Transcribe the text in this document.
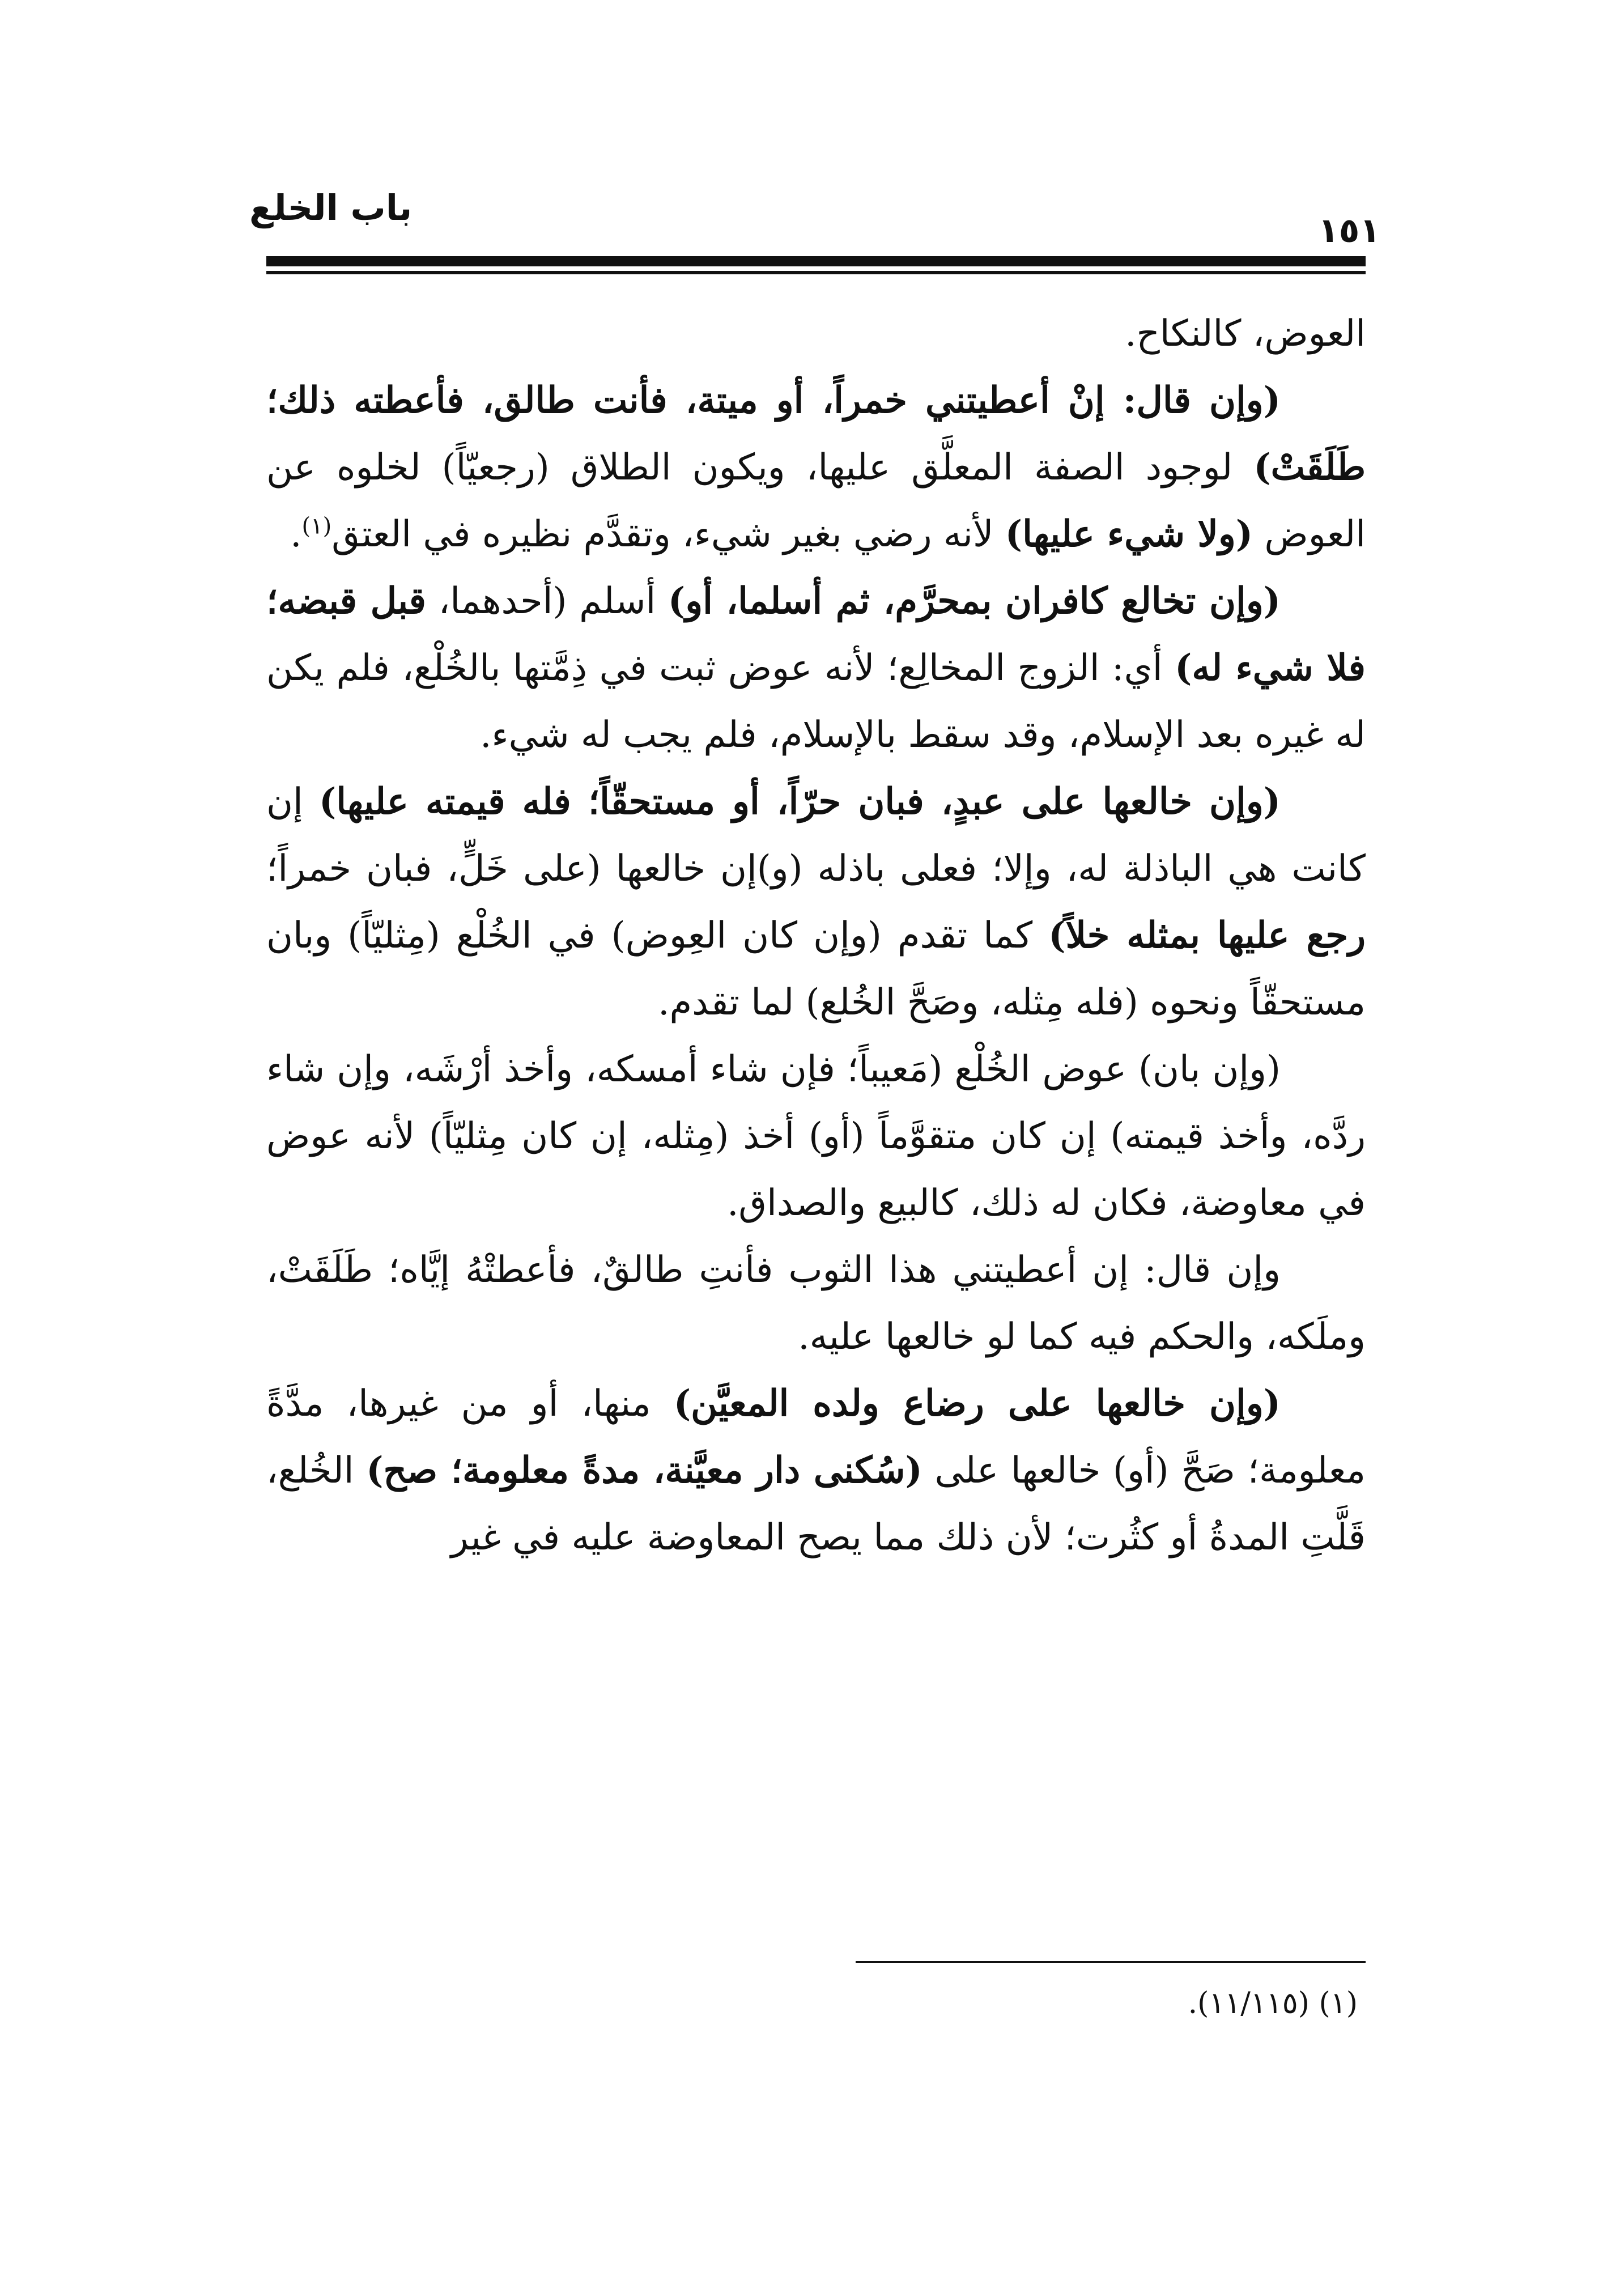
باب الخلع
١٥١

العوض، كالنكاح.

(وإن قال: إنْ أعطيتني خمراً، أو ميتة، فأنت طالق، فأعطته ذلك؛ طَلَقَتْ) لوجود الصفة المعلَّق عليها، ويكون الطلاق (رجعيّاً) لخلوه عن العوض (ولا شيء عليها) لأنه رضي بغير شيء، وتقدَّم نظيره في العتق$^{(١)}$.

(وإن تخالع كافران بمحرَّم، ثم أسلما، أو) أسلم (أحدهما، قبل قبضه؛ فلا شيء له) أي: الزوج المخالِع؛ لأنه عوض ثبت في ذِمَّتها بالخُلْع، فلم يكن له غيره بعد الإسلام، وقد سقط بالإسلام، فلم يجب له شيء.

(وإن خالعها على عبدٍ، فبان حرّاً، أو مستحقّاً؛ فله قيمته عليها) إن كانت هي الباذلة له، وإلا؛ فعلى باذله (و)إن خالعها (على خَلٍّ، فبان خمراً؛ رجع عليها بمثله خلاً) كما تقدم (وإن كان العِوض) في الخُلْع (مِثليّاً) وبان مستحقّاً ونحوه (فله مِثله، وصَحَّ الخُلع) لما تقدم.

(وإن بان) عوض الخُلْع (مَعيباً؛ فإن شاء أمسكه، وأخذ أرْشَه، وإن شاء ردَّه، وأخذ قيمته) إن كان متقوَّماً (أو) أخذ (مِثله، إن كان مِثليّاً) لأنه عوض في معاوضة، فكان له ذلك، كالبيع والصداق.

وإن قال: إن أعطيتني هذا الثوب فأنتِ طالقٌ، فأعطتْهُ إيَّاه؛ طَلَقَتْ، وملَكه، والحكم فيه كما لو خالعها عليه.

(وإن خالعها على رضاع ولده المعيَّن) منها، أو من غيرها، مدَّةً معلومة؛ صَحَّ (أو) خالعها على (سُكنى دار معيَّنة، مدةً معلومة؛ صح) الخُلع، قَلَّتِ المدةُ أو كثُرت؛ لأن ذلك مما يصح المعاوضة عليه في غير

(١) (١١/١١٥).
